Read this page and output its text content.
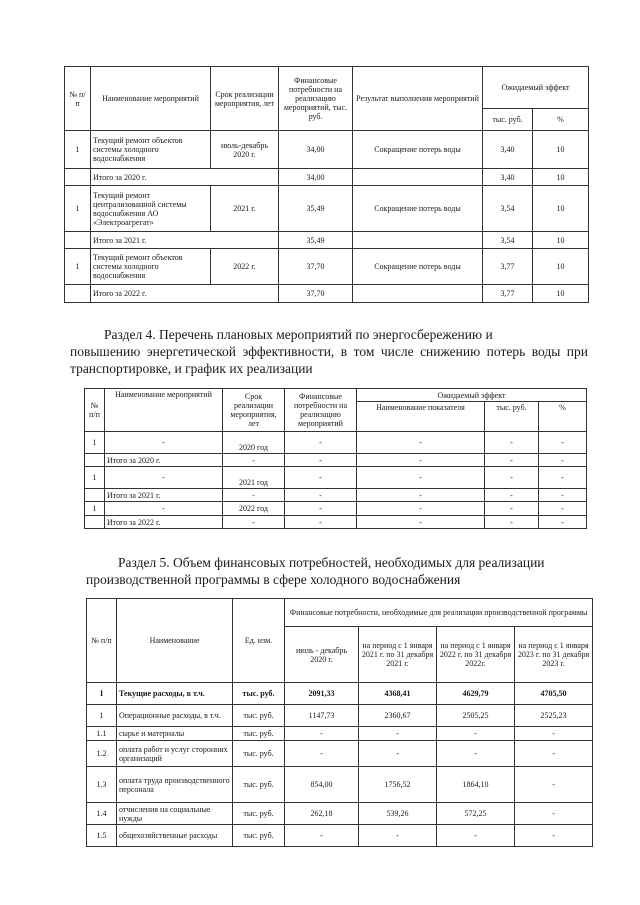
№ п/ п	Наименование мероприятий	Срок реализации мероприятия, лет	Финансовые потребности на реализацию мероприятий, тыс. руб.	Результат выполнения мероприятий	Ожидаемый эффект	
					тыс. руб.	%
1	Текущий ремонт объектов системы холодного водоснабжения	июль-декабрь 2020 г.	34,00	Сокращение потерь воды	3,40	10
	Итого за 2020 г.		34,00		3,40	10
1	Текущий ремонт централизованной системы водоснабжения АО «Электроагрегат»	2021 г.	35,49	Сокращение потерь воды	3,54	10
	Итого за 2021 г.		35,49		3,54	10
1	Текущий ремонт объектов системы холодного водоснабжения	2022 г.	37,70	Сокращение потерь воды	3,77	10
	Итого за 2022 г.		37,70		3,77	10
Раздел 4. Перечень плановых мероприятий по энергосбережению и
повышению энергетической эффективности, в том числе снижению потерь воды при транспортировке, и график их реализации
№ п/п	Наименование мероприятий	Срок реализации мероприятия, лет	Финансовые потребности на реализацию мероприятий	Ожидаемый эффект		
				Наименование показателя	тыс. руб.	%
1	-	2020 год	-	-	-	-
	Итого за 2020 г.	-	-	-	-	-
1	-	2021 год	-	-	-	-
	Итого за 2021 г.	-	-	-	-	-
1	-	2022 год	-	-	-	-
	Итого за 2022 г.	-	-	-	-	-
Раздел 5. Объем финансовых потребностей, необходимых для реализации
производственной программы в сфере холодного водоснабжения
№ п/п	Наименование	Ед. изм.	Финансовые потребности, необходимые для реализации производственной программы			
			июль - декабрь 2020 г.	на период с 1 января 2021 г. по 31 декабря 2021 г.	на период с 1 января 2022 г. по 31 декабря 2022г.	на период с 1 января 2023 г. по 31 декабря 2023 г.
I	Текущие расходы, в т.ч.	тыс. руб.	2091,33	4368,41	4629,79	4705,50
1	Операционные расходы, в т.ч.	тыс. руб.	1147,73	2360,67	2505,25	2525,23
1.1	сырье и материалы	тыс. руб.	-	-	-	-
1.2	оплата работ и услуг сторонних организаций	тыс. руб.	-	-	-	-
1.3	оплата труда производственного персонала	тыс. руб.	854,00	1756,52	1864,10	-
1.4	отчисления на социальные нужды	тыс. руб.	262,18	539,26	572,25	-
1.5	общехозяйственные расходы	тыс. руб.	-	-	-	-
